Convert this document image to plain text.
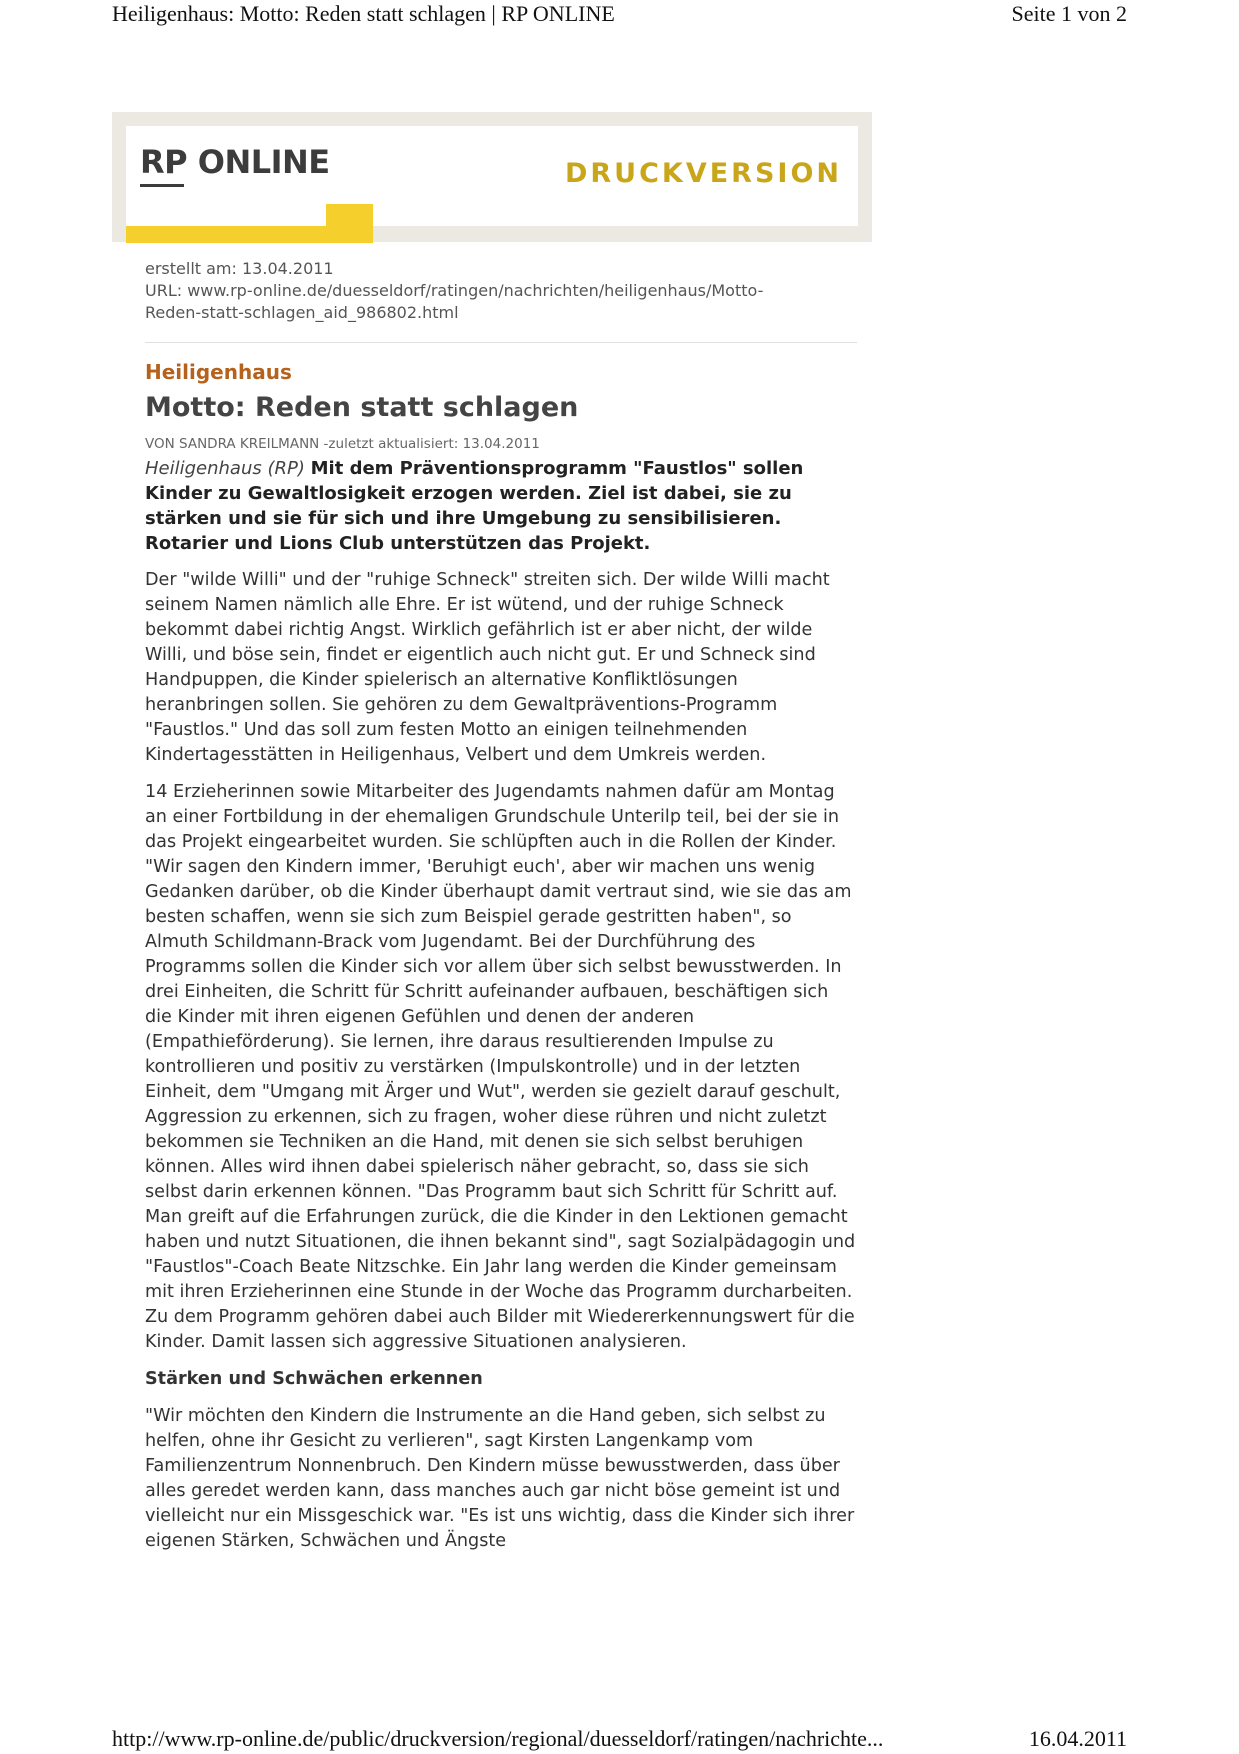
Heiligenhaus: Motto: Reden statt schlagen | RP ONLINE	Seite 1 von 2
RP ONLINE	DRUCKVERSION
erstellt am: 13.04.2011
URL: www.rp-online.de/duesseldorf/ratingen/nachrichten/heiligenhaus/Motto-
Reden-statt-schlagen_aid_986802.html
Heiligenhaus
Motto: Reden statt schlagen
VON SANDRA KREILMANN -zuletzt aktualisiert: 13.04.2011

Heiligenhaus (RP) Mit dem Präventionsprogramm "Faustlos" sollen Kinder zu Gewaltlosigkeit erzogen werden. Ziel ist dabei, sie zu stärken und sie für sich und ihre Umgebung zu sensibilisieren. Rotarier und Lions Club unterstützen das Projekt.

Der "wilde Willi" und der "ruhige Schneck" streiten sich. Der wilde Willi macht seinem Namen nämlich alle Ehre. Er ist wütend, und der ruhige Schneck bekommt dabei richtig Angst. Wirklich gefährlich ist er aber nicht, der wilde Willi, und böse sein, findet er eigentlich auch nicht gut. Er und Schneck sind Handpuppen, die Kinder spielerisch an alternative Konfliktlösungen heranbringen sollen. Sie gehören zu dem Gewaltpräventions-Programm "Faustlos." Und das soll zum festen Motto an einigen teilnehmenden Kindertagesstätten in Heiligenhaus, Velbert und dem Umkreis werden.

14 Erzieherinnen sowie Mitarbeiter des Jugendamts nahmen dafür am Montag an einer Fortbildung in der ehemaligen Grundschule Unterilp teil, bei der sie in das Projekt eingearbeitet wurden. Sie schlüpften auch in die Rollen der Kinder. "Wir sagen den Kindern immer, 'Beruhigt euch', aber wir machen uns wenig Gedanken darüber, ob die Kinder überhaupt damit vertraut sind, wie sie das am besten schaffen, wenn sie sich zum Beispiel gerade gestritten haben", so Almuth Schildmann-Brack vom Jugendamt. Bei der Durchführung des Programms sollen die Kinder sich vor allem über sich selbst bewusstwerden. In drei Einheiten, die Schritt für Schritt aufeinander aufbauen, beschäftigen sich die Kinder mit ihren eigenen Gefühlen und denen der anderen (Empathieförderung). Sie lernen, ihre daraus resultierenden Impulse zu kontrollieren und positiv zu verstärken (Impulskontrolle) und in der letzten Einheit, dem "Umgang mit Ärger und Wut", werden sie gezielt darauf geschult, Aggression zu erkennen, sich zu fragen, woher diese rühren und nicht zuletzt bekommen sie Techniken an die Hand, mit denen sie sich selbst beruhigen können. Alles wird ihnen dabei spielerisch näher gebracht, so, dass sie sich selbst darin erkennen können. "Das Programm baut sich Schritt für Schritt auf. Man greift auf die Erfahrungen zurück, die die Kinder in den Lektionen gemacht haben und nutzt Situationen, die ihnen bekannt sind", sagt Sozialpädagogin und "Faustlos"-Coach Beate Nitzschke. Ein Jahr lang werden die Kinder gemeinsam mit ihren Erzieherinnen eine Stunde in der Woche das Programm durcharbeiten. Zu dem Programm gehören dabei auch Bilder mit Wiedererkennungswert für die Kinder. Damit lassen sich aggressive Situationen analysieren.

Stärken und Schwächen erkennen

"Wir möchten den Kindern die Instrumente an die Hand geben, sich selbst zu helfen, ohne ihr Gesicht zu verlieren", sagt Kirsten Langenkamp vom Familienzentrum Nonnenbruch. Den Kindern müsse bewusstwerden, dass über alles geredet werden kann, dass manches auch gar nicht böse gemeint ist und vielleicht nur ein Missgeschick war. "Es ist uns wichtig, dass die Kinder sich ihrer eigenen Stärken, Schwächen und Ängste

http://www.rp-online.de/public/druckversion/regional/duesseldorf/ratingen/nachrichte...	16.04.2011
